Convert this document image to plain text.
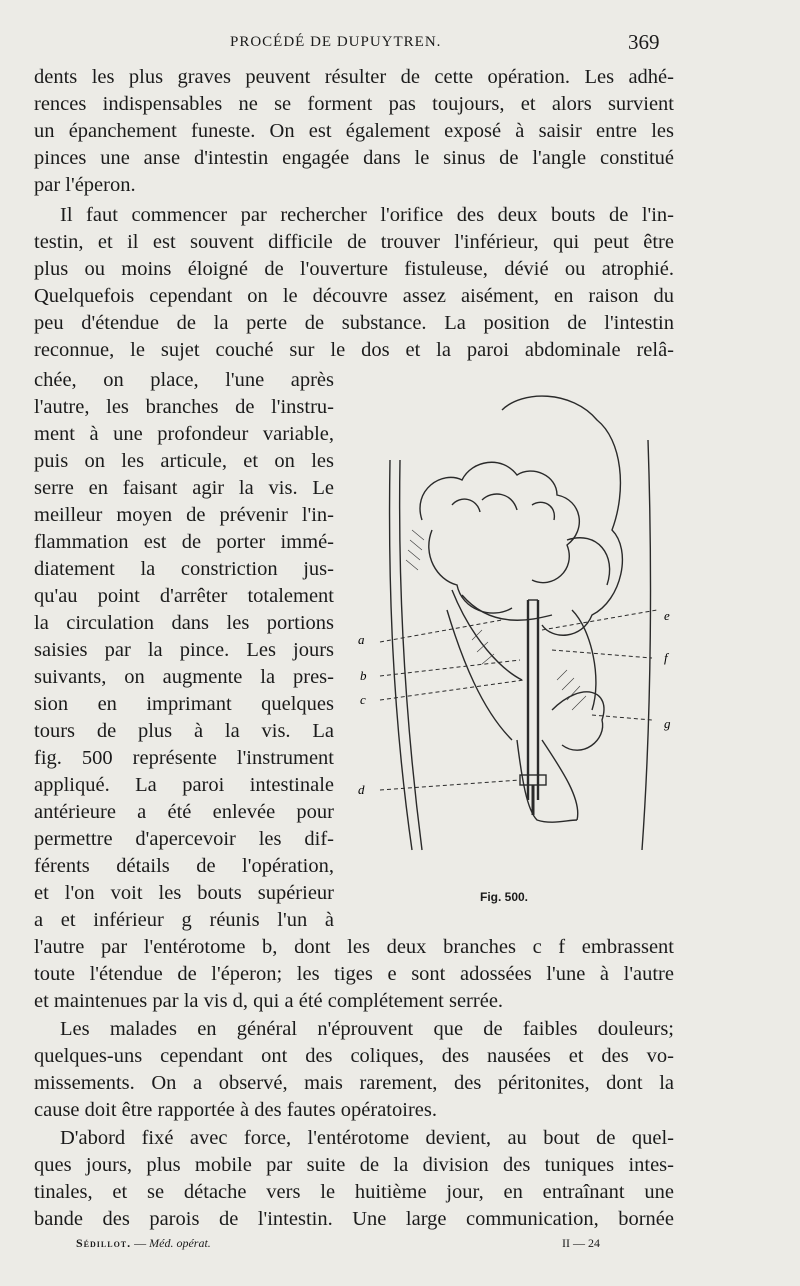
PROCÉDÉ DE DUPUYTREN.	369
dents les plus graves peuvent résulter de cette opération. Les adhé-
rences indispensables ne se forment pas toujours, et alors survient
un épanchement funeste. On est également exposé à saisir entre les
pinces une anse d'intestin engagée dans le sinus de l'angle constitué
par l'éperon.
Il faut commencer par rechercher l'orifice des deux bouts de l'in-
testin, et il est souvent difficile de trouver l'inférieur, qui peut être
plus ou moins éloigné de l'ouverture fistuleuse, dévié ou atrophié.
Quelquefois cependant on le découvre assez aisément, en raison du
peu d'étendue de la perte de substance. La position de l'intestin
reconnue, le sujet couché sur le dos et la paroi abdominale relâ-
chée, on place, l'une après
l'autre, les branches de l'instru-
ment à une profondeur variable,
puis on les articule, et on les
serre en faisant agir la vis. Le
meilleur moyen de prévenir l'in-
flammation est de porter immé-
diatement la constriction jus-
qu'au point d'arrêter totalement
la circulation dans les portions
saisies par la pince. Les jours
suivants, on augmente la pres-
sion en imprimant quelques
tours de plus à la vis. La
fig. 500 représente l'instrument
appliqué. La paroi intestinale
antérieure a été enlevée pour
permettre d'apercevoir les dif-
férents détails de l'opération,
et l'on voit les bouts supérieur
a et inférieur g réunis l'un à
l'autre par l'entérotome b, dont les deux branches c f embrassent
toute l'étendue de l'éperon; les tiges e sont adossées l'une à l'autre
et maintenues par la vis d, qui a été complétement serrée.
Les malades en général n'éprouvent que de faibles douleurs;
quelques-uns cependant ont des coliques, des nausées et des vo-
missements. On a observé, mais rarement, des péritonites, dont la
cause doit être rapportée à des fautes opératoires.
D'abord fixé avec force, l'entérotome devient, au bout de quel-
ques jours, plus mobile par suite de la division des tuniques intes-
tinales, et se détache vers le huitième jour, en entraînant une
bande des parois de l'intestin. Une large communication, bornée
a
b
c
d
e
f
g
Fig. 500.
Sédillot. — Méd. opérat.	II — 24
